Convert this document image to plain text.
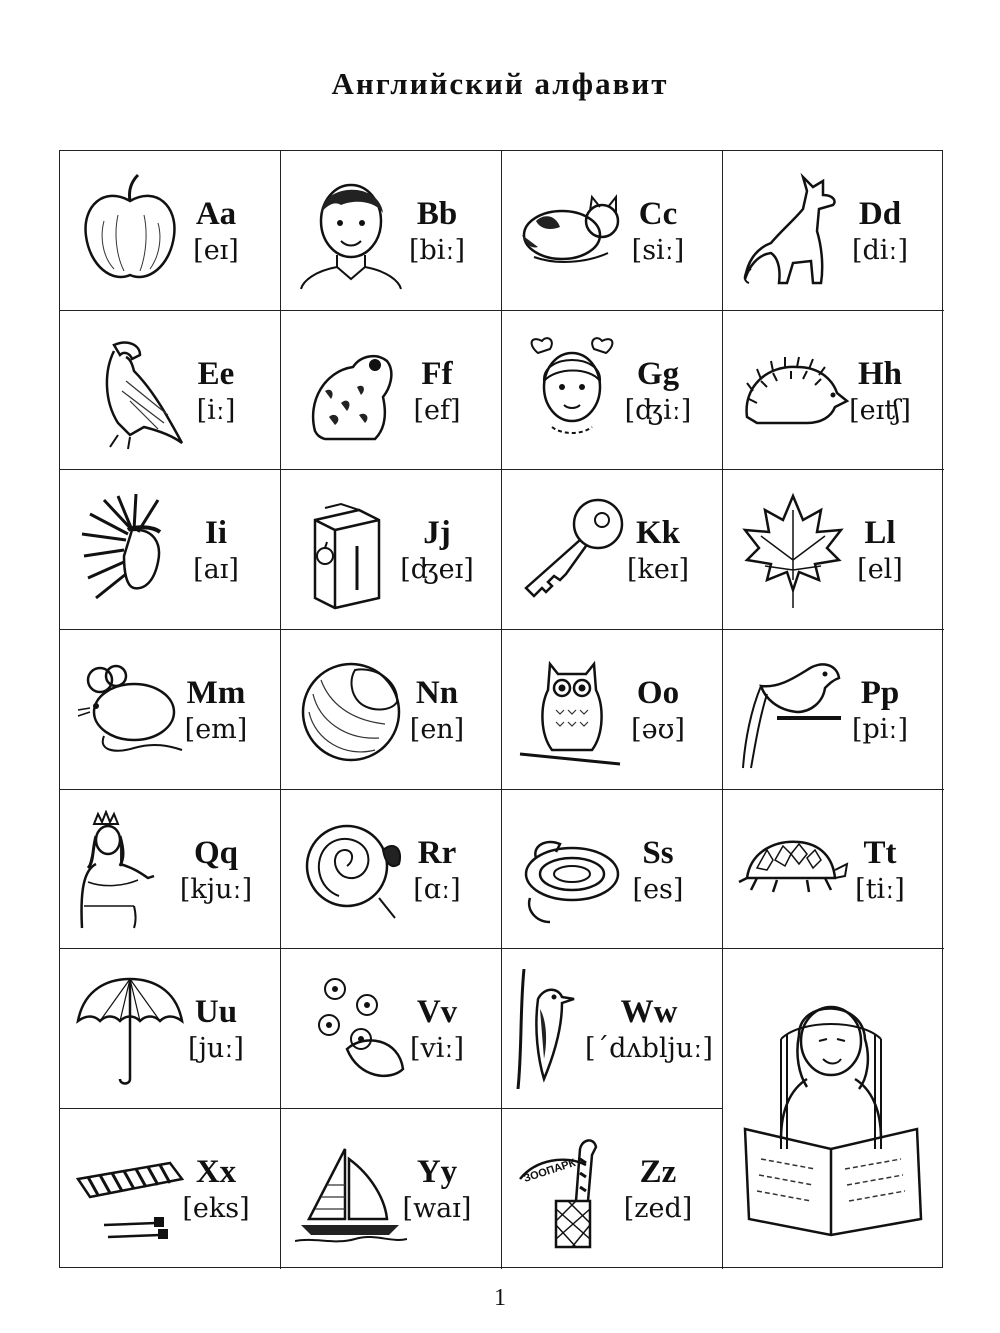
Английский алфавит
Aa
[eɪ]
Bb
[biː]
Cc
[siː]
Dd
[diː]
Ee
[iː]
Ff
[ef]
Gg
[ʤiː]
Hh
[eɪʧ]
Ii
[aɪ]
Jj
[ʤeɪ]
Kk
[keɪ]
Ll
[el]
Mm
[em]
Nn
[en]
Oo
[əʊ]
Pp
[piː]
Qq
[kjuː]
Rr
[ɑː]
Ss
[es]
Tt
[tiː]
Uu
[juː]
Vv
[viː]
Ww
[ˊdʌbljuː]
Xx
[eks]
Yy
[waɪ]
ЗООПАРК	Zz
[zed]
1
